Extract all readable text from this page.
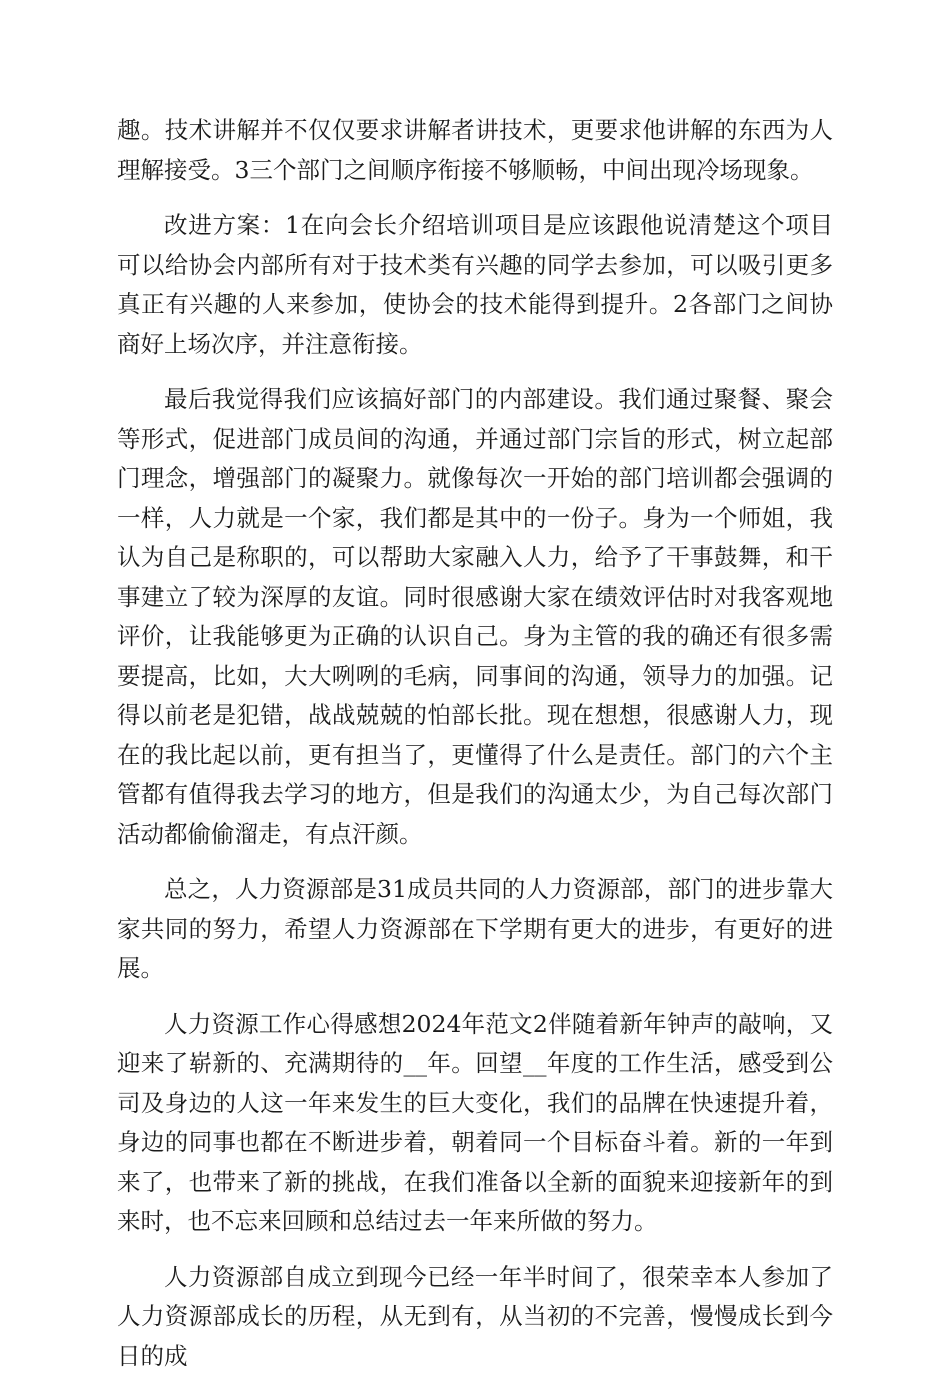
趣。技术讲解并不仅仅要求讲解者讲技术，更要求他讲解的东西为人理解接受。3三个部门之间顺序衔接不够顺畅，中间出现冷场现象。

改进方案：1在向会长介绍培训项目是应该跟他说清楚这个项目可以给协会内部所有对于技术类有兴趣的同学去参加，可以吸引更多真正有兴趣的人来参加，使协会的技术能得到提升。2各部门之间协商好上场次序，并注意衔接。

最后我觉得我们应该搞好部门的内部建设。我们通过聚餐、聚会等形式，促进部门成员间的沟通，并通过部门宗旨的形式，树立起部门理念，增强部门的凝聚力。就像每次一开始的部门培训都会强调的一样，人力就是一个家，我们都是其中的一份子。身为一个师姐，我认为自己是称职的，可以帮助大家融入人力，给予了干事鼓舞，和干事建立了较为深厚的友谊。同时很感谢大家在绩效评估时对我客观地评价，让我能够更为正确的认识自己。身为主管的我的确还有很多需要提高，比如，大大咧咧的毛病，同事间的沟通，领导力的加强。记得以前老是犯错，战战兢兢的怕部长批。现在想想，很感谢人力，现在的我比起以前，更有担当了，更懂得了什么是责任。部门的六个主管都有值得我去学习的地方，但是我们的沟通太少，为自己每次部门活动都偷偷溜走，有点汗颜。

总之，人力资源部是31成员共同的人力资源部，部门的进步靠大家共同的努力，希望人力资源部在下学期有更大的进步，有更好的进展。

人力资源工作心得感想2024年范文2伴随着新年钟声的敲响，又迎来了崭新的、充满期待的__年。回望__年度的工作生活，感受到公司及身边的人这一年来发生的巨大变化，我们的品牌在快速提升着，身边的同事也都在不断进步着，朝着同一个目标奋斗着。新的一年到来了，也带来了新的挑战，在我们准备以全新的面貌来迎接新年的到来时，也不忘来回顾和总结过去一年来所做的努力。

人力资源部自成立到现今已经一年半时间了，很荣幸本人参加了人力资源部成长的历程，从无到有，从当初的不完善，慢慢成长到今日的成
